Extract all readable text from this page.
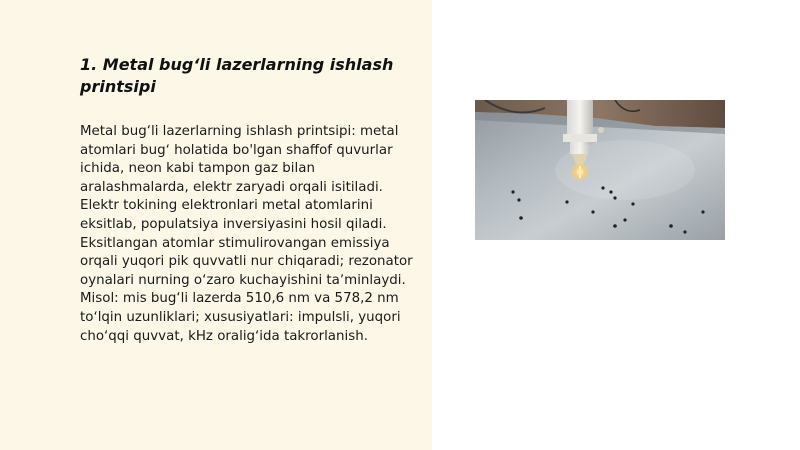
1. Metal bug‘li lazerlarning ishlash printsipi

Metal bug‘li lazerlarning ishlash printsipi: metal atomlari bugʻ holatida bo'lgan shaffof quvurlar ichida, neon kabi tampon gaz bilan aralashmalarda, elektr zaryadi orqali isitiladi. Elektr tokining elektronlari metal atomlarini eksitlab, populatsiya inversiyasini hosil qiladi. Eksitlangan atomlar stimulirovangan emissiya orqali yuqori pik quvvatli nur chiqaradi; rezonator oynalari nurning oʻzaro kuchayishini taʼminlaydi. Misol: mis bug‘li lazerda 510,6 nm va 578,2 nm toʻlqin uzunliklari; xususiyatlari: impulsli, yuqori choʻqqi quvvat, kHz oraligʻida takrorlanish.
